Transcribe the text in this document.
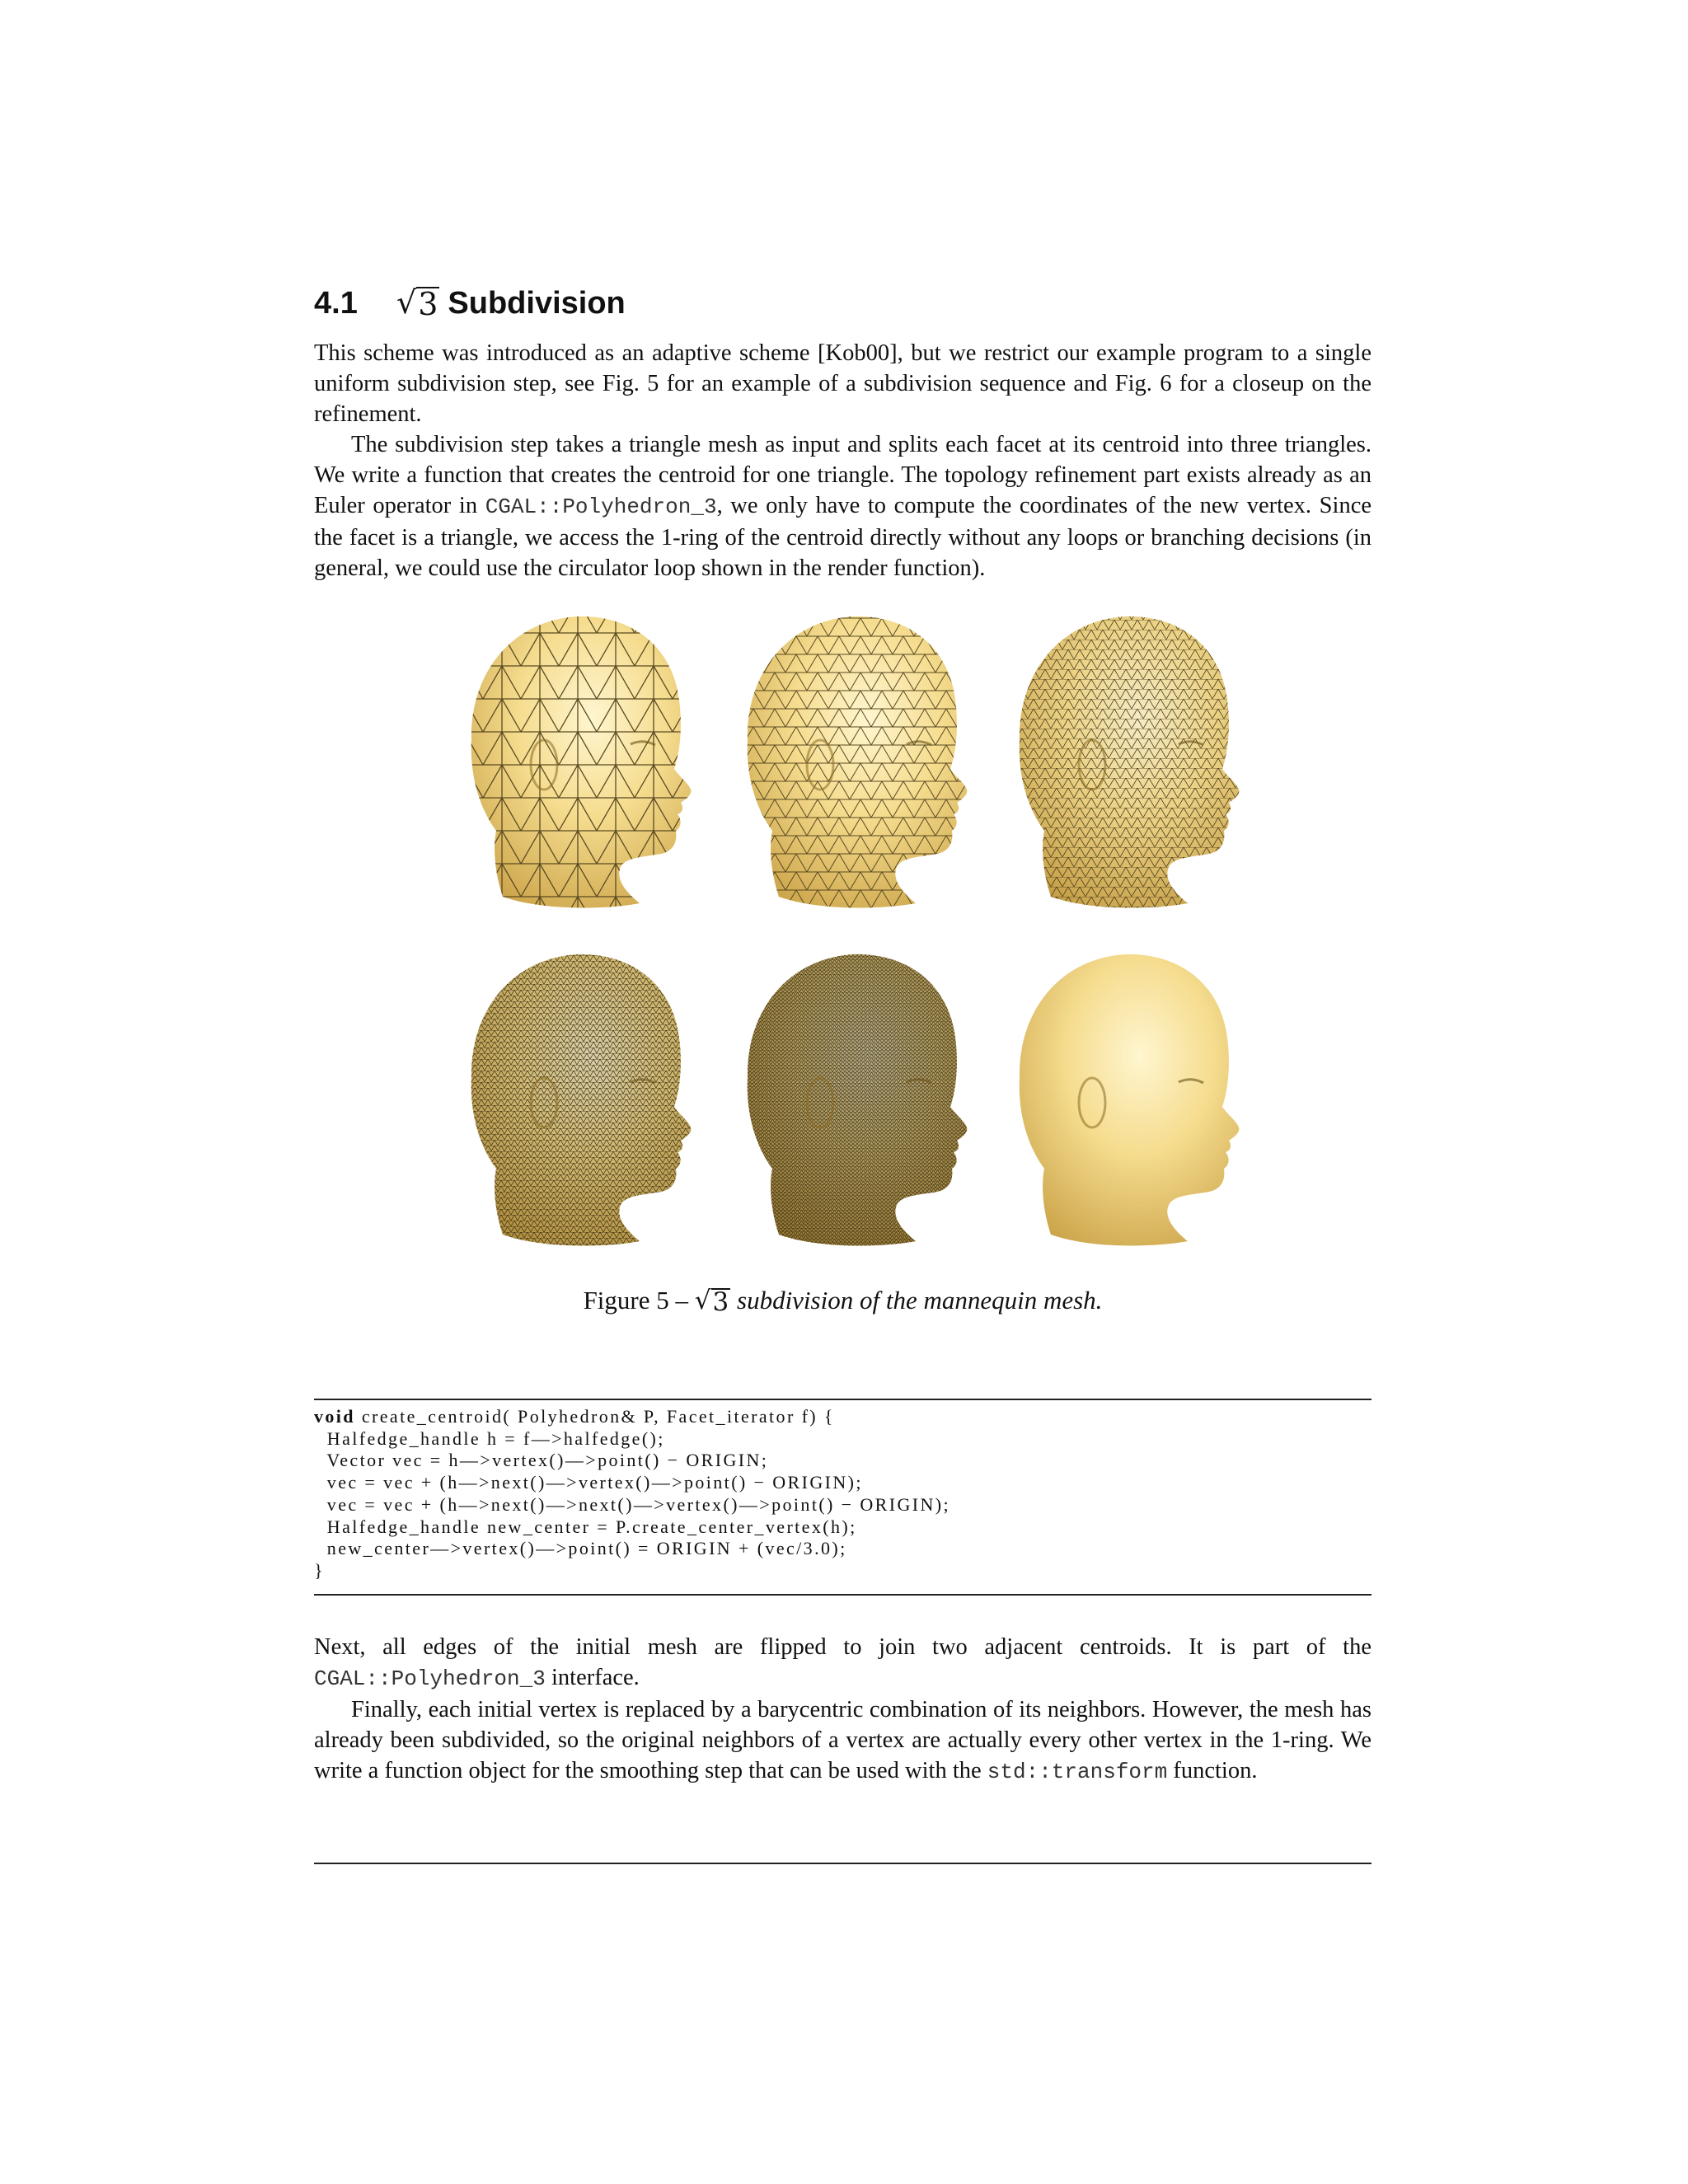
4.1	√ 3 Subdivision

This scheme was introduced as an adaptive scheme [Kob00], but we restrict our example program to a single uniform subdivision step, see Fig. 5 for an example of a subdivision sequence and Fig. 6 for a closeup on the refinement.

The subdivision step takes a triangle mesh as input and splits each facet at its centroid into three triangles. We write a function that creates the centroid for one triangle. The topology refinement part exists already as an Euler operator in CGAL::Polyhedron_3, we only have to compute the coordinates of the new vertex. Since the facet is a triangle, we access the 1-ring of the centroid directly without any loops or branching decisions (in general, we could use the circulator loop shown in the render function).

Figure 5 – √ 3 subdivision of the mannequin mesh.
void create_centroid( Polyhedron& P, Facet_iterator f) {
Halfedge_handle h = f—>halfedge();
Vector vec = h—>vertex()—>point() − ORIGIN;
vec = vec + (h—>next()—>vertex()—>point() − ORIGIN);
vec = vec + (h—>next()—>next()—>vertex()—>point() − ORIGIN);
Halfedge_handle new_center = P.create_center_vertex(h);
new_center—>vertex()—>point() = ORIGIN + (vec/3.0);
}

Next, all edges of the initial mesh are flipped to join two adjacent centroids. It is part of the CGAL::Polyhedron_3 interface.

Finally, each initial vertex is replaced by a barycentric combination of its neighbors. However, the mesh has already been subdivided, so the original neighbors of a vertex are actually every other vertex in the 1-ring. We write a function object for the smoothing step that can be used with the std::transform function.
